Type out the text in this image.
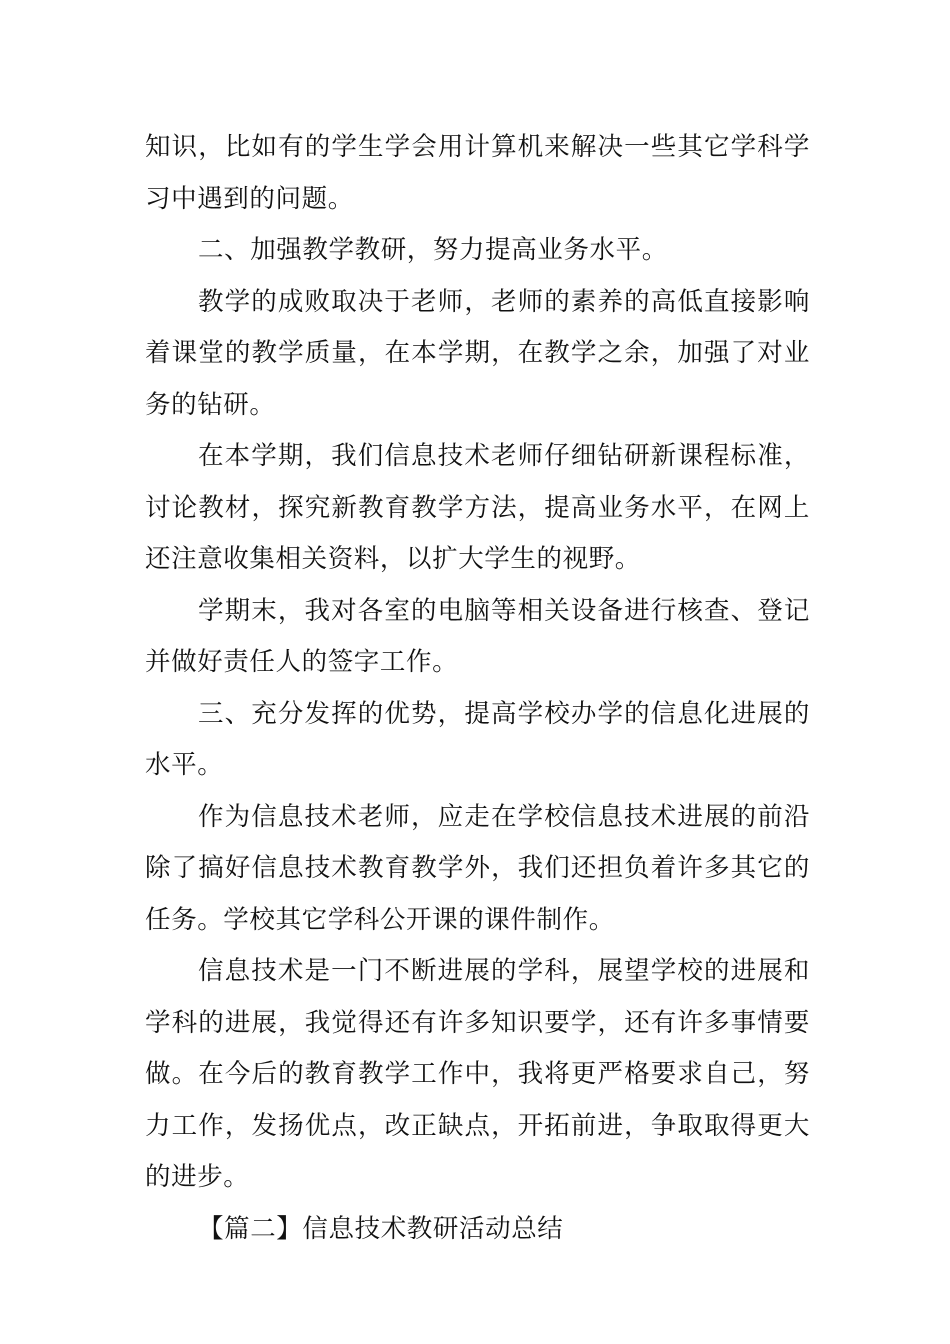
知识，比如有的学生学会用计算机来解决一些其它学科学习中遇到的问题。

二、加强教学教研，努力提高业务水平。

教学的成败取决于老师，老师的素养的高低直接影响着课堂的教学质量，在本学期，在教学之余，加强了对业务的钻研。

在本学期，我们信息技术老师仔细钻研新课程标准，讨论教材，探究新教育教学方法，提高业务水平，在网上还注意收集相关资料，以扩大学生的视野。

学期末，我对各室的电脑等相关设备进行核查、登记并做好责任人的签字工作。

三、充分发挥的优势，提高学校办学的信息化进展的水平。

作为信息技术老师，应走在学校信息技术进展的前沿除了搞好信息技术教育教学外，我们还担负着许多其它的任务。学校其它学科公开课的课件制作。

信息技术是一门不断进展的学科，展望学校的进展和学科的进展，我觉得还有许多知识要学，还有许多事情要做。在今后的教育教学工作中，我将更严格要求自己，努力工作，发扬优点，改正缺点，开拓前进，争取取得更大的进步。

【篇二】信息技术教研活动总结
